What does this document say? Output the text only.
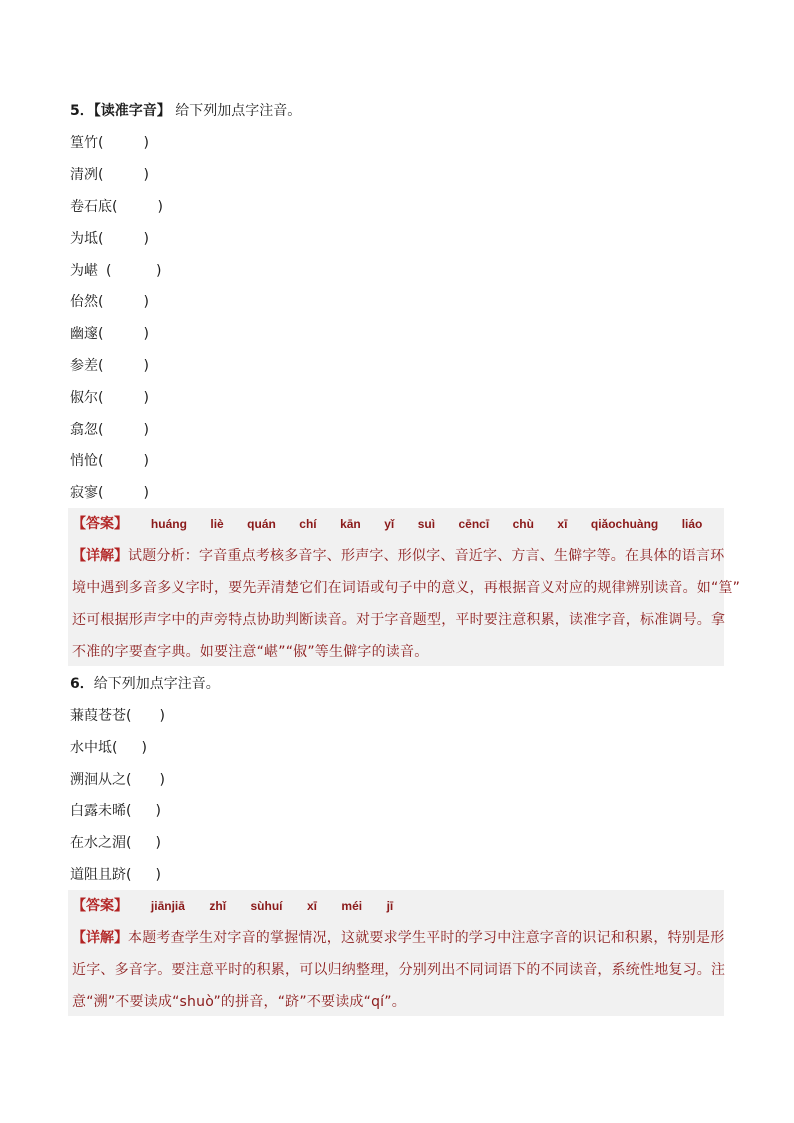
5．【读准字音】 给下列加点字注音。
篁竹(	)
清冽(	)
卷石底(	)
为坻(	)
为嵁 (          )
佁然(	)
幽邃(	)
参差(	)
俶尔(	)
翕忽(	)
悄怆(	)
寂寥(	)
【答案】 huáng liè quán chí kān yǐ suì cēncī chù xī qiǎochuàng liáo
【详解】试题分析：字音重点考核多音字、形声字、形似字、音近字、方言、生僻字等。在具体的语言环
境中遇到多音多义字时，要先弄清楚它们在词语或句子中的意义，再根据音义对应的规律辨别读音。如“篁”
还可根据形声字中的声旁特点协助判断读音。对于字音题型，平时要注意积累，读准字音，标准调号。拿
不准的字要查字典。如要注意“嵁”“俶”等生僻字的读音。
6．给下列加点字注音。
蒹葭苍苍( )
水中坻( )
溯洄从之( )
白露未晞( )
在水之湄( )
道阻且跻( )
【答案】 jiānjiā zhǐ sùhuí xī méi jī
【详解】本题考查学生对字音的掌握情况，这就要求学生平时的学习中注意字音的识记和积累，特别是形
近字、多音字。要注意平时的积累，可以归纳整理，分别列出不同词语下的不同读音，系统性地复习。注
意“溯”不要读成“shuò”的拼音，“跻”不要读成“qí”。
